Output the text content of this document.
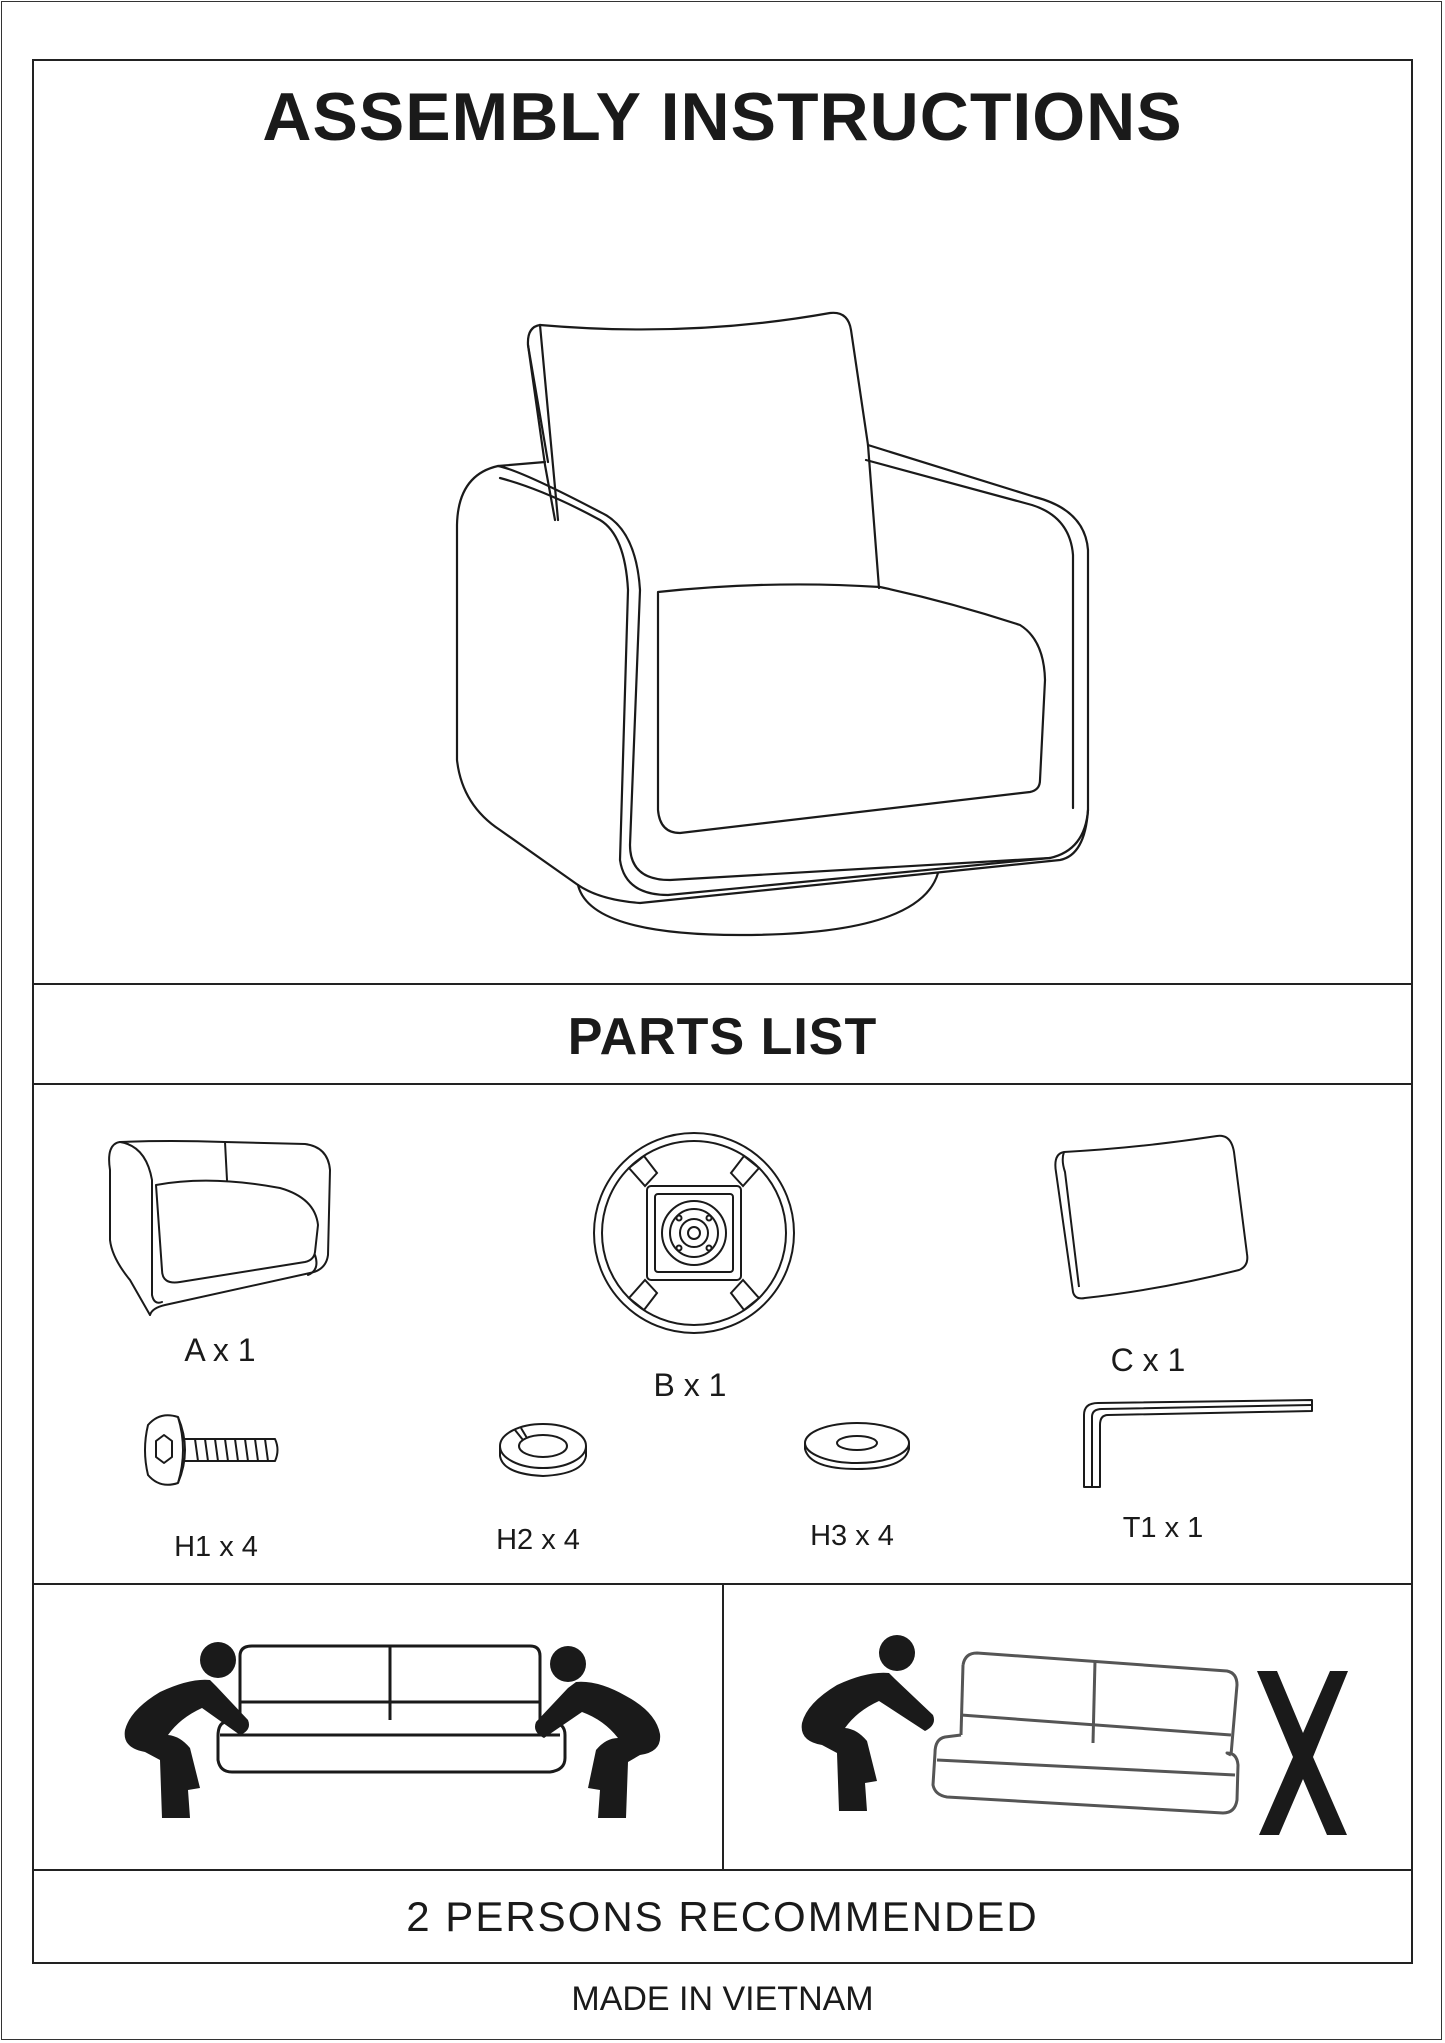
ASSEMBLY INSTRUCTIONS
PARTS LIST
A x 1
B x 1
C x 1
H1 x 4	H2 x 4	H3 x 4	T1 x 1
2 PERSONS RECOMMENDED
MADE IN VIETNAM
